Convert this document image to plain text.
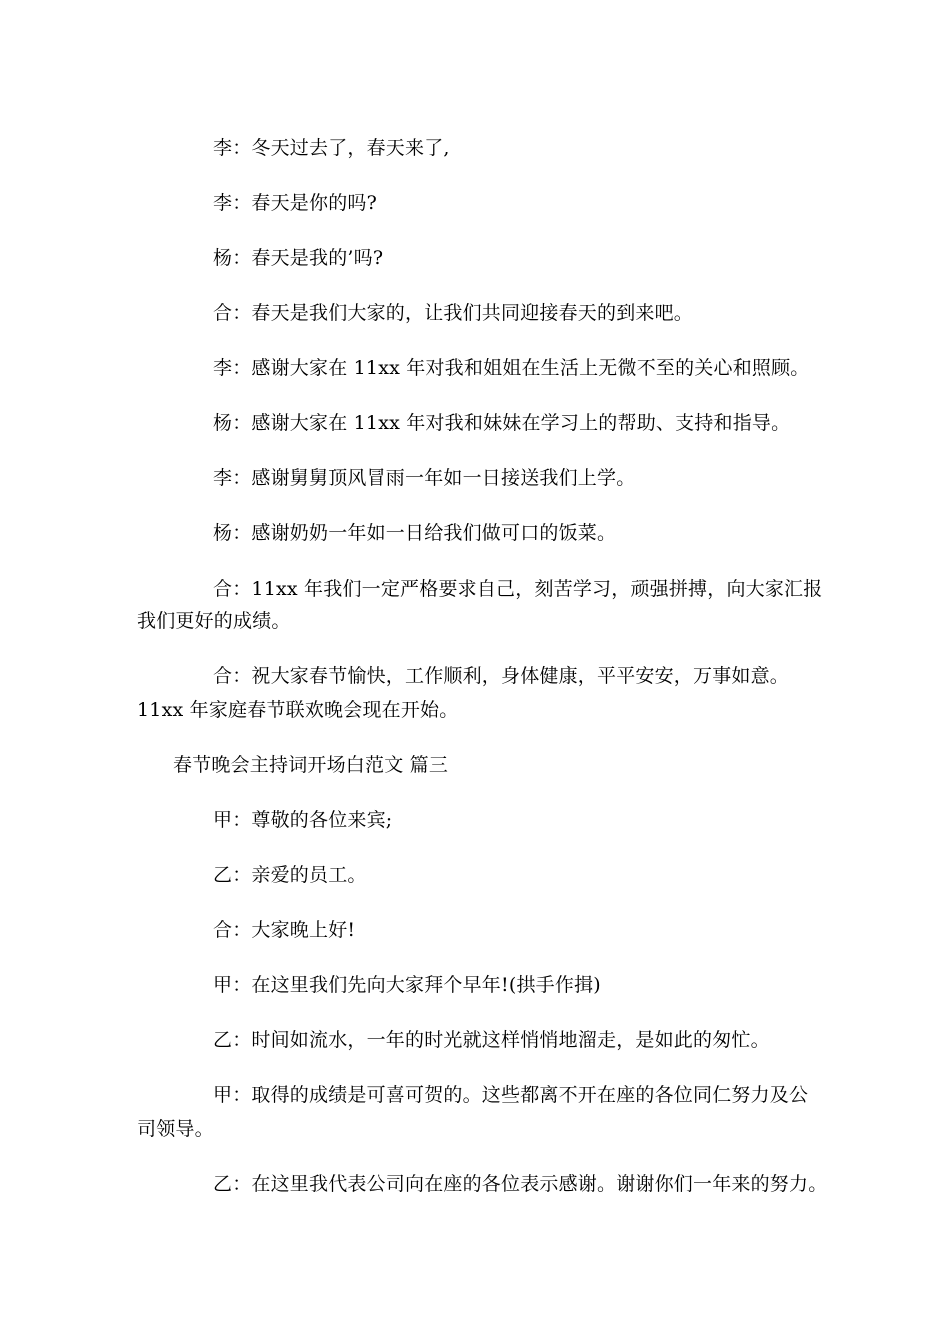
李：冬天过去了，春天来了,
李：春天是你的吗?
杨：春天是我的’吗?
合：春天是我们大家的，让我们共同迎接春天的到来吧。
李：感谢大家在 11xx 年对我和姐姐在生活上无微不至的关心和照顾。
杨：感谢大家在 11xx 年对我和妹妹在学习上的帮助、支持和指导。
李：感谢舅舅顶风冒雨一年如一日接送我们上学。
杨：感谢奶奶一年如一日给我们做可口的饭菜。
合：11xx 年我们一定严格要求自己，刻苦学习，顽强拼搏，向大家汇报
我们更好的成绩。
合：祝大家春节愉快，工作顺利，身体健康，平平安安，万事如意。
11xx 年家庭春节联欢晚会现在开始。
春节晚会主持词开场白范文 篇三
甲：尊敬的各位来宾;
乙：亲爱的员工。
合：大家晚上好!
甲：在这里我们先向大家拜个早年!(拱手作揖)
乙：时间如流水，一年的时光就这样悄悄地溜走，是如此的匆忙。
甲：取得的成绩是可喜可贺的。这些都离不开在座的各位同仁努力及公
司领导。
乙：在这里我代表公司向在座的各位表示感谢。谢谢你们一年来的努力。
